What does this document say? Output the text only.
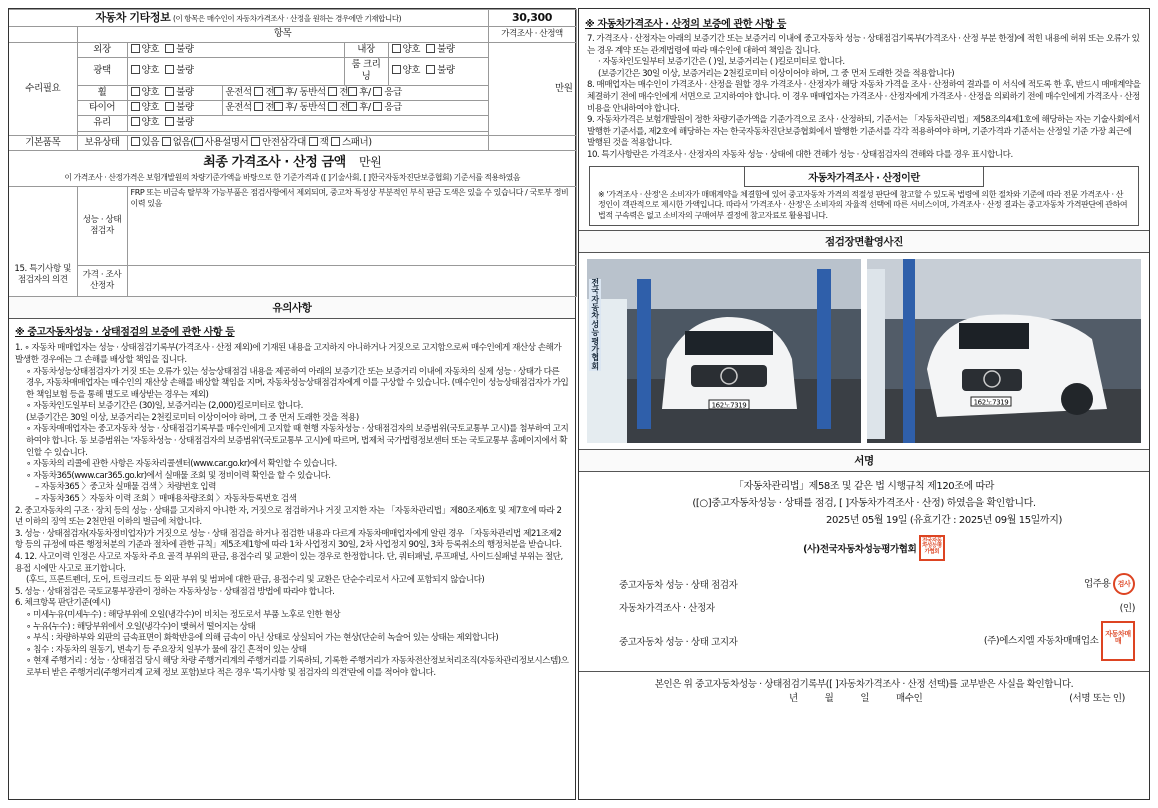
자동차 기타정보 (이 항목은 매수인이 자동차가격조사 · 산정을 원하는 경우에만 기재합니다)						30,300
	항목					가격조사 · 산정액
수리필요	외장	양호 불량		내장	양호 불량	만원
	광택	양호 불량		룸 크리닝	양호 불량	
	휠	양호 불량	운전석 전 후/ 동반석 전 후/ 응급			
	타이어	양호 불량	운전석 전 후/ 동반석 전 후/ 응급			
	유리	양호 불량				

기본품목	보유상태	있음 없음( 사용설명서 안전삼각대 잭 스패너)				
최종 가격조사 · 산정 금액 만원
이 가격조사 · 산정가격은 보험개발원의 차량기준가액을 바탕으로 한 기준가격과 ([ ]기술사회, [ ]한국자동차진단보증협회) 기준서를 적용하였음						
15. 특기사항 및 점검자의 의견	성능 · 상태 점검자	FRP 또는 비금속 탈부착 가능부품은 점검사항에서 제외되며, 중고차 특성상 부분적인 부식 판금 도색은 있을 수 있습니다 / 국토부 정비 이력 있음				
	가격 · 조사 산정자					
유의사항
※ 중고자동차성능 · 상태점검의 보증에 관한 사항 등

1. ∘ 자동차 매매업자는 성능 · 상태점검기록부(가격조사 · 산정 제외)에 기재된 내용을 고지하지 아니하거나 거짓으로 고지함으로써 매수인에게 재산상 손해가 발생한 경우에는 그 손해를 배상할 책임을 집니다.

∘ 자동차성능상태점검자가 거짓 또는 오류가 있는 성능상태점검 내용을 제공하여 아래의 보증기간 또는 보증거리 이내에 자동차의 실제 성능 · 상태가 다른 경우, 자동차매매업자는 매수인의 재산상 손해를 배상할 책임을 지며, 자동차성능상태점검자에게 이를 구상할 수 있습니다. (매수인이 성능상태점검자가 가입한 책임보험 등을 통해 별도로 배상받는 경우는 제외)

∘ 자동차인도일부터 보증기간은 (30)일, 보증거리는 (2,000)킬로미터로 합니다.

(보증기간은 30일 이상, 보증거리는 2천킬로미터 이상이어야 하며, 그 중 먼저 도래한 것을 적용)

∘ 자동차매매업자는 중고자동차 성능 · 상태점검기록부를 매수인에게 고지할 때 현행 자동차성능 · 상태점검자의 보증범위(국토교통부 고시)를 첨부하여 고지하여야 합니다. 동 보증범위는 '자동차성능 · 상태점검자의 보증범위'(국토교통부 고시)에 따르며, 법제처 국가법령정보센터 또는 국토교통부 홈페이지에서 확인할 수 있습니다.

∘ 자동차의 리콜에 관한 사항은 자동차리콜센터(www.car.go.kr)에서 확인할 수 있습니다.

∘ 자동차365(www.car365.go.kr)에서 실매물 조회 및 정비이력 확인을 할 수 있습니다.

– 자동차365 〉중고차 실매물 검색 〉차량번호 입력

– 자동차365 〉자동차 이력 조회 〉매매용차량조회 〉자동차등록번호 검색

2. 중고자동차의 구조 · 장치 등의 성능 · 상태를 고지하지 아니한 자, 거짓으로 점검하거나 거짓 고지한 자는 「자동차관리법」제80조제6호 및 제7호에 따라 2년 이하의 징역 또는 2천만원 이하의 벌금에 처합니다.

3. 성능 · 상태점검자(자동차정비업자)가 거짓으로 성능 · 상태 점검을 하거나 점검한 내용과 다르게 자동차매매업자에게 알린 경우 「자동차관리법 제21조제2항 등의 규정에 따른 행정처분의 기준과 절차에 관한 규칙」제5조제1항에 따라 1차 사업정지 30일, 2차 사업정지 90일, 3차 등록취소의 행정처분을 받습니다.

4. 12. 사고이력 인정은 사고로 자동차 주요 골격 부위의 판금, 용접수리 및 교환이 있는 경우로 한정합니다. 단, 쿼터패널, 루프패널, 사이드실패널 부위는 절단, 용접 시에만 사고로 표기합니다.

(후드, 프론트펜더, 도어, 트렁크리드 등 외판 부위 및 범퍼에 대한 판금, 용접수리 및 교환은 단순수리로서 사고에 포함되지 않습니다)

5. 성능 · 상태점검은 국토교통부장관이 정하는 자동차성능 · 상태점검 방법에 따라야 합니다.

6. 체크항목 판단기준(예시)

∘ 미세누유(미세누수) : 해당부위에 오일(냉각수)이 비치는 정도로서 부품 노후로 인한 현상

∘ 누유(누수) : 해당부위에서 오일(냉각수)이 맺혀서 떨어지는 상태

∘ 부식 : 차량하부와 외판의 금속표면이 화학반응에 의해 금속이 아닌 상태로 상실되어 가는 현상(단순히 녹슬어 있는 상태는 제외합니다)

∘ 침수 : 자동차의 원동기, 변속기 등 주요장치 일부가 물에 잠긴 흔적이 있는 상태

∘ 현재 주행거리 : 성능 · 상태점검 당시 해당 차량 주행거리계의 주행거리를 기록하되, 기록한 주행거리가 자동차전산정보처리조직(자동차관리정보시스템)으로부터 받은 주행거리(주행거리계 교체 정보 포함)보다 적은 경우 '특기사항 및 점검자의 의견'란에 이를 적어야 합니다.

※ 자동차가격조사 · 산정의 보증에 관한 사항 등

7. 가격조사 · 산정자는 아래의 보증기간 또는 보증거리 이내에 중고자동차 성능 · 상태점검기록부(가격조사 · 산정 부분 한정)에 적힌 내용에 허위 또는 오류가 있는 경우 계약 또는 관계법령에 따라 매수인에 대하여 책임을 집니다.

· 자동차인도일부터 보증기간은 ( )일, 보증거리는 ( )킬로미터로 합니다.

(보증기간은 30일 이상, 보증거리는 2천킬로미터 이상이어야 하며, 그 중 먼저 도래한 것을 적용합니다)

8. 매매업자는 매수인이 가격조사 · 산정을 원할 경우 가격조사 · 산정자가 해당 자동차 가격을 조사 · 산정하여 결과를 이 서식에 적도록 한 후, 반드시 매매계약을 체결하기 전에 매수인에게 서면으로 고지하여야 합니다. 이 경우 매매업자는 가격조사 · 산정자에게 가격조사 · 산정을 의뢰하기 전에 매수인에게 가격조사 · 산정 비용을 안내하여야 합니다.

9. 자동차가격은 보험개발원이 정한 차량기준가액을 기준가격으로 조사 · 산정하되, 기준서는 「자동차관리법」제58조의4제1호에 해당하는 자는 기술사회에서 발행한 기준서를, 제2호에 해당하는 자는 한국자동차진단보증협회에서 발행한 기준서를 각각 적용하여야 하며, 기준가격과 기준서는 산정일 기준 가장 최근에 발행된 것을 적용합니다.

10. 특기사항란은 가격조사 · 산정자의 자동차 성능 · 상태에 대한 견해가 성능 · 상태점검자의 견해와 다를 경우 표시합니다.

자동차가격조사 · 산정이란
※ '가격조사 · 산정'은 소비자가 매매계약을 체결함에 있어 중고자동차 가격의 적절성 판단에 참고할 수 있도록 법령에 의한 절차와 기준에 따라 전문 가격조사 · 산정인이 객관적으로 제시한 가액입니다. 따라서 '가격조사 · 산정'은 소비자의 자율적 선택에 따른 서비스이며, 가격조사 · 산정 결과는 중고자동차 가격판단에 관하여 법적 구속력은 없고 소비자의 구매여부 결정에 참고자료로 활용됩니다.
점검장면촬영사진
162노7319
전국자동차성능평가협회
162노7319
서명
「자동차관리법」제58조 및 같은 법 시행규칙 제120조에 따라
([○]중고자동차성능 · 상태를 점검, [ ]자동차가격조사 · 산정) 하였음을 확인합니다.
2025년 05월 19일 (유효기간 : 2025년 09월 15일까지)
(사)전국자동차성능평가협회 전국자동차성능평가협회
중고자동차 성능 · 상태 점검자	업주용 검사
자동차가격조사 · 산정자	(인)
중고자동차 성능 · 상태 고지자	(주)에스지엘 자동차매매업소 자동차매매
본인은 위 중고자동차성능 · 상태점검기록부([ ]자동차가격조사 · 산정 선택)를 교부받은 사실을 확인합니다.
년	월	일	매수인	(서명 또는 인)
